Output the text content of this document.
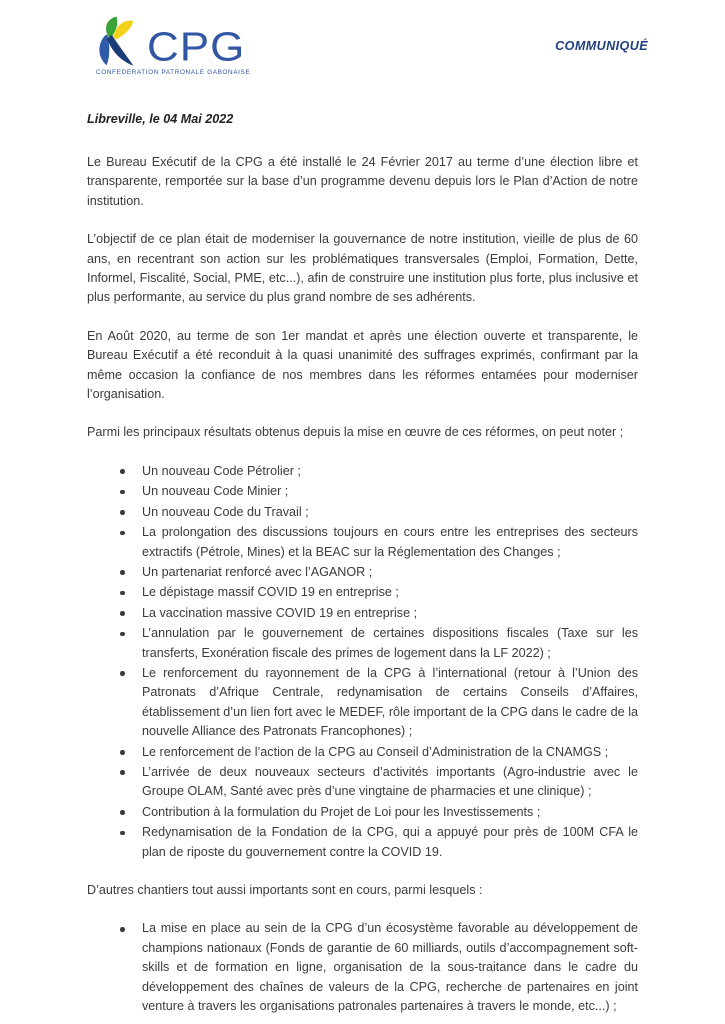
CPG
CONFEDERATION PATRONALE GABONAISE
COMMUNIQUÉ

Libreville, le 04 Mai 2022

Le Bureau Exécutif de la CPG a été installé le 24 Février 2017 au terme d’une élection libre et transparente, remportée sur la base d’un programme devenu depuis lors le Plan d’Action de notre institution.

L’objectif de ce plan était de moderniser la gouvernance de notre institution, vieille de plus de 60 ans, en recentrant son action sur les problématiques transversales (Emploi, Formation, Dette, Informel, Fiscalité, Social, PME, etc...), afin de construire une institution plus forte, plus inclusive et plus performante, au service du plus grand nombre de ses adhérents.

En Août 2020, au terme de son 1er mandat et après une élection ouverte et transparente, le Bureau Exécutif a été reconduit à la quasi unanimité des suffrages exprimés, confirmant par la même occasion la confiance de nos membres dans les réformes entamées pour moderniser l’organisation.

Parmi les principaux résultats obtenus depuis la mise en œuvre de ces réformes, on peut noter ;

Un nouveau Code Pétrolier ;
Un nouveau Code Minier ;
Un nouveau Code du Travail ;
La prolongation des discussions toujours en cours entre les entreprises des secteurs extractifs (Pétrole, Mines) et la BEAC sur la Réglementation des Changes ;
Un partenariat renforcé avec l’AGANOR ;
Le dépistage massif COVID 19 en entreprise ;
La vaccination massive COVID 19 en entreprise ;
L’annulation par le gouvernement de certaines dispositions fiscales (Taxe sur les transferts, Exonération fiscale des primes de logement dans la LF 2022) ;
Le renforcement du rayonnement de la CPG à l’international (retour à l’Union des Patronats d’Afrique Centrale, redynamisation de certains Conseils d’Affaires, établissement d’un lien fort avec le MEDEF, rôle important de la CPG dans le cadre de la nouvelle Alliance des Patronats Francophones) ;
Le renforcement de l’action de la CPG au Conseil d’Administration de la CNAMGS ;
L’arrivée de deux nouveaux secteurs d’activités importants (Agro-industrie avec le Groupe OLAM, Santé avec près d’une vingtaine de pharmacies et une clinique) ;
Contribution à la formulation du Projet de Loi pour les Investissements ;
Redynamisation de la Fondation de la CPG, qui a appuyé pour près de 100M CFA le plan de riposte du gouvernement contre la COVID 19.

D’autres chantiers tout aussi importants sont en cours, parmi lesquels :

La mise en place au sein de la CPG d’un écosystème favorable au développement de champions nationaux (Fonds de garantie de 60 milliards, outils d’accompagnement soft-skills et de formation en ligne, organisation de la sous-traitance dans le cadre du développement des chaînes de valeurs de la CPG, recherche de partenaires en joint venture à travers les organisations patronales partenaires à travers le monde, etc...) ;
